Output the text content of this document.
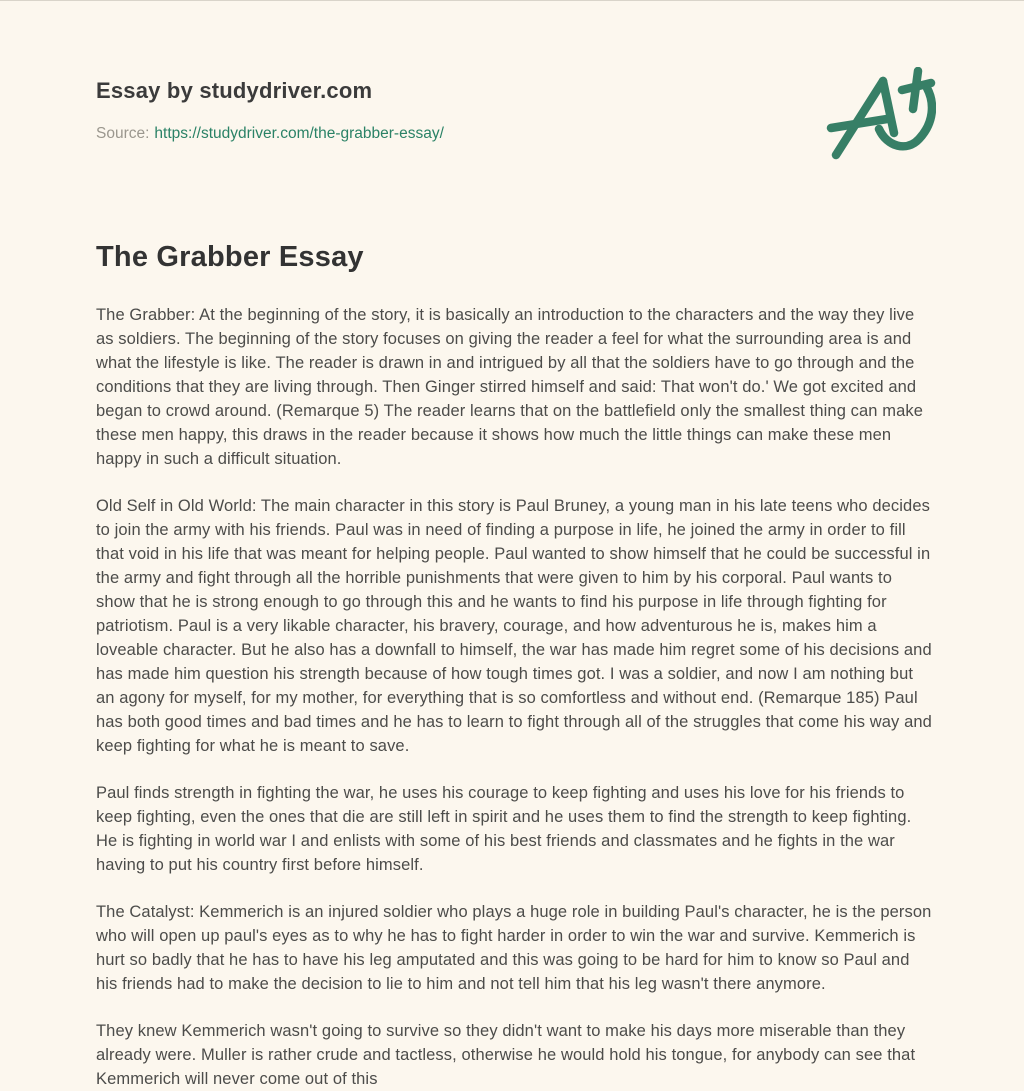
Essay by studydriver.com

Source: https://studydriver.com/the-grabber-essay/

The Grabber Essay

The Grabber: At the beginning of the story, it is basically an introduction to the characters and the way they live as soldiers. The beginning of the story focuses on giving the reader a feel for what the surrounding area is and what the lifestyle is like. The reader is drawn in and intrigued by all that the soldiers have to go through and the conditions that they are living through. Then Ginger stirred himself and said: That won't do.' We got excited and began to crowd around. (Remarque 5) The reader learns that on the battlefield only the smallest thing can make these men happy, this draws in the reader because it shows how much the little things can make these men happy in such a difficult situation.

Old Self in Old World: The main character in this story is Paul Bruney, a young man in his late teens who decides to join the army with his friends. Paul was in need of finding a purpose in life, he joined the army in order to fill that void in his life that was meant for helping people. Paul wanted to show himself that he could be successful in the army and fight through all the horrible punishments that were given to him by his corporal. Paul wants to show that he is strong enough to go through this and he wants to find his purpose in life through fighting for patriotism. Paul is a very likable character, his bravery, courage, and how adventurous he is, makes him a loveable character. But he also has a downfall to himself, the war has made him regret some of his decisions and has made him question his strength because of how tough times got. I was a soldier, and now I am nothing but an agony for myself, for my mother, for everything that is so comfortless and without end. (Remarque 185) Paul has both good times and bad times and he has to learn to fight through all of the struggles that come his way and keep fighting for what he is meant to save.

Paul finds strength in fighting the war, he uses his courage to keep fighting and uses his love for his friends to keep fighting, even the ones that die are still left in spirit and he uses them to find the strength to keep fighting. He is fighting in world war I and enlists with some of his best friends and classmates and he fights in the war having to put his country first before himself.

The Catalyst: Kemmerich is an injured soldier who plays a huge role in building Paul's character, he is the person who will open up paul's eyes as to why he has to fight harder in order to win the war and survive. Kemmerich is hurt so badly that he has to have his leg amputated and this was going to be hard for him to know so Paul and his friends had to make the decision to lie to him and not tell him that his leg wasn't there anymore.

They knew Kemmerich wasn't going to survive so they didn't want to make his days more miserable than they already were. Muller is rather crude and tactless, otherwise he would hold his tongue, for anybody can see that Kemmerich will never come out of this
